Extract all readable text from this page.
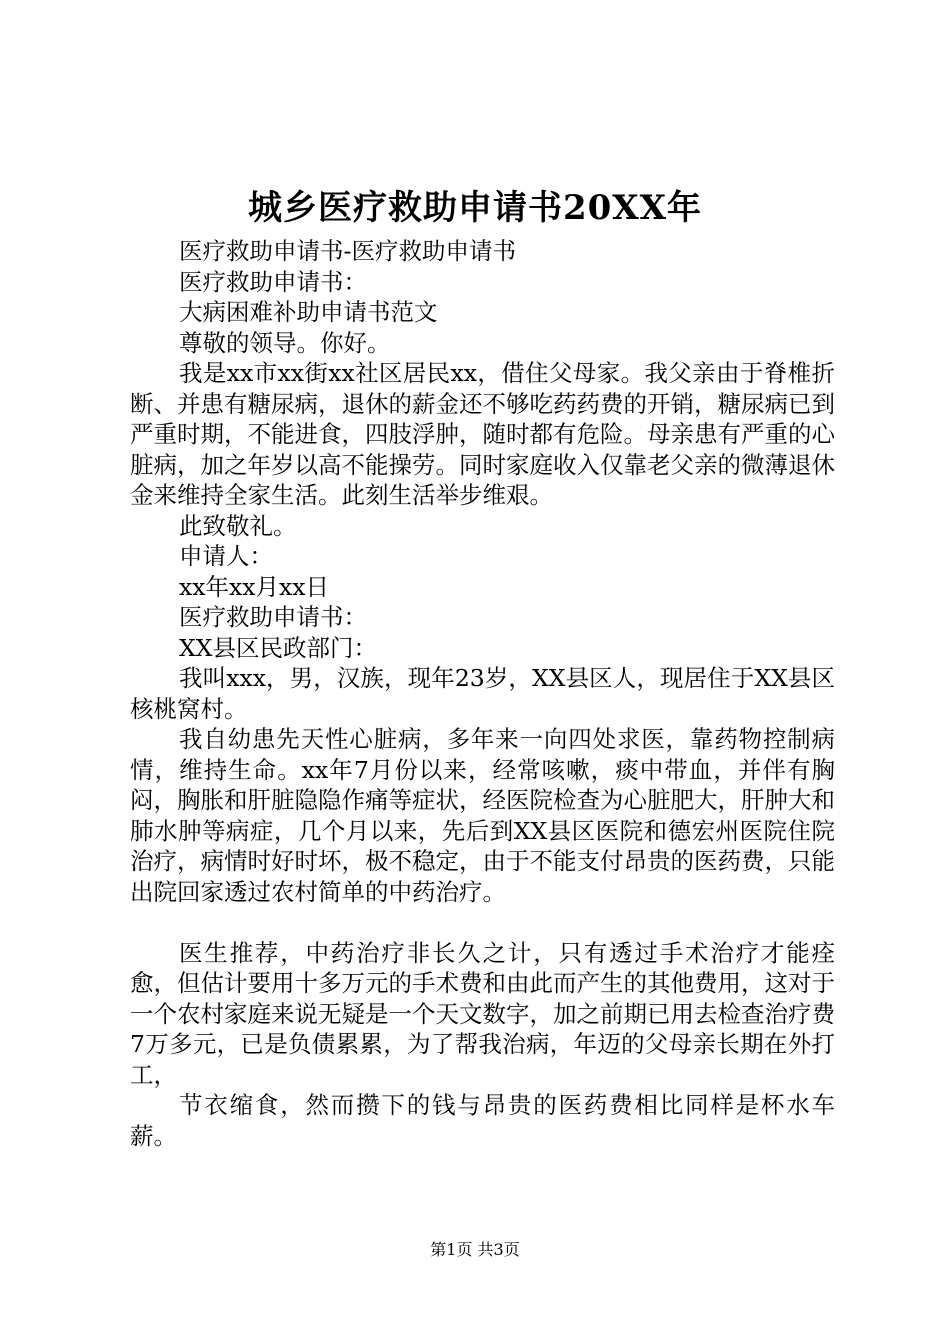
城乡医疗救助申请书20XX年
医疗救助申请书-医疗救助申请书
医疗救助申请书：
大病困难补助申请书范文
尊敬的领导。你好。
我是xx市xx街xx社区居民xx，借住父母家。我父亲由于脊椎折断、并患有糖尿病，退休的薪金还不够吃药药费的开销，糖尿病已到严重时期，不能进食，四肢浮肿，随时都有危险。母亲患有严重的心脏病，加之年岁以高不能操劳。同时家庭收入仅靠老父亲的微薄退休金来维持全家生活。此刻生活举步维艰。
此致敬礼。
申请人：
xx年xx月xx日
医疗救助申请书：
XX县区民政部门：
我叫xxx，男，汉族，现年23岁，XX县区人，现居住于XX县区核桃窝村。
我自幼患先天性心脏病，多年来一向四处求医，靠药物控制病情，维持生命。xx年7月份以来，经常咳嗽，痰中带血，并伴有胸闷，胸胀和肝脏隐隐作痛等症状，经医院检查为心脏肥大，肝肿大和肺水肿等病症，几个月以来，先后到XX县区医院和德宏州医院住院治疗，病情时好时坏，极不稳定，由于不能支付昂贵的医药费，只能出院回家透过农村简单的中药治疗。
医生推荐，中药治疗非长久之计，只有透过手术治疗才能痊愈，但估计要用十多万元的手术费和由此而产生的其他费用，这对于一个农村家庭来说无疑是一个天文数字，加之前期已用去检查治疗费7万多元，已是负债累累，为了帮我治病，年迈的父母亲长期在外打工，
节衣缩食，然而攒下的钱与昂贵的医药费相比同样是杯水车薪。
第1页 共3页
